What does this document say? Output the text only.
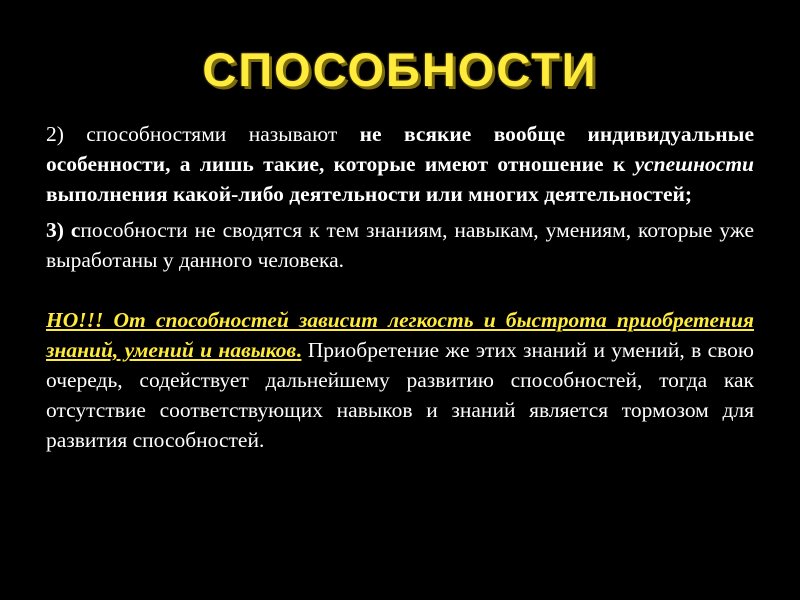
СПОСОБНОСТИ

2) способностями называют не всякие вообще индивидуальные особенности, а лишь такие, которые имеют отношение к успешности выполнения какой-либо деятельности или многих деятельностей;

3) способности не сводятся к тем знаниям, навыкам, умениям, которые уже выработаны у данного человека.

НО!!! От способностей зависит легкость и быстрота приобретения знаний, умений и навыков. Приобретение же этих знаний и умений, в свою очередь, содействует дальнейшему развитию способностей, тогда как отсутствие соответствующих навыков и знаний является тормозом для развития способностей.
